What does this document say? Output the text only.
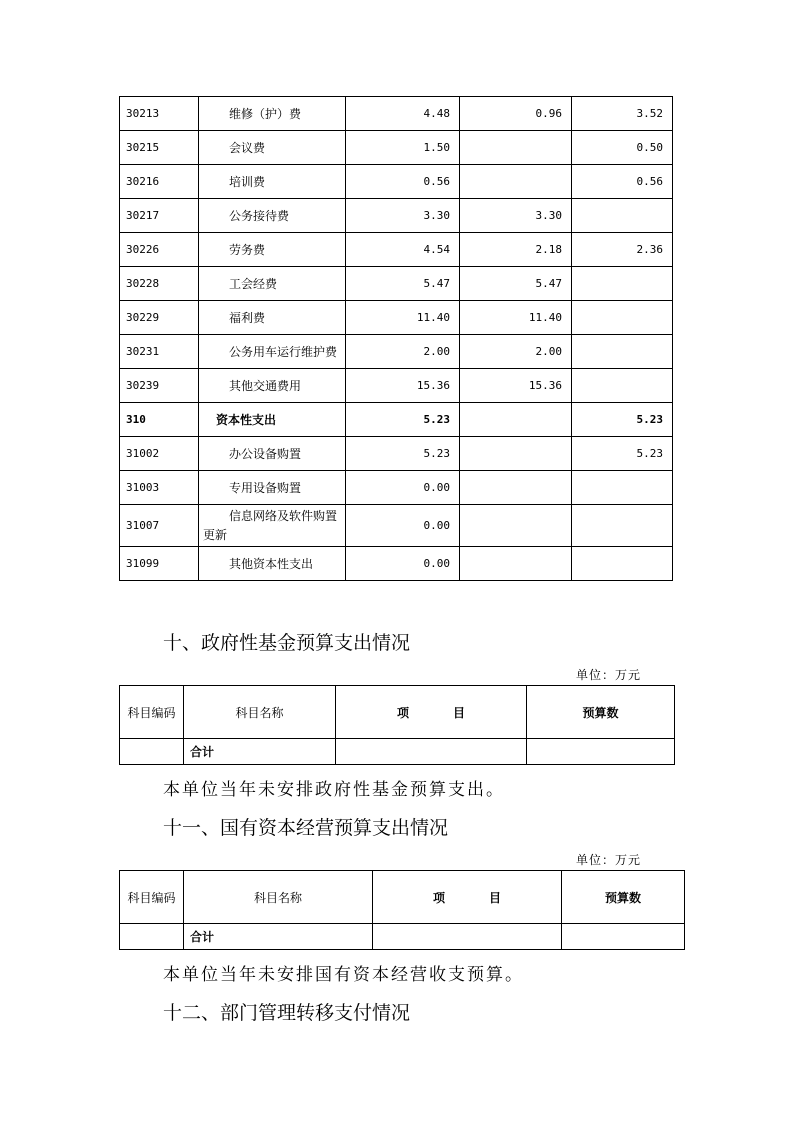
30213	维修（护）费	4.48	0.96	3.52
30215	会议费	1.50		0.50
30216	培训费	0.56		0.56
30217	公务接待费	3.30	3.30	
30226	劳务费	4.54	2.18	2.36
30228	工会经费	5.47	5.47	
30229	福利费	11.40	11.40	
30231	公务用车运行维护费	2.00	2.00	
30239	其他交通费用	15.36	15.36	
310	资本性支出	5.23		5.23
31002	办公设备购置	5.23		5.23
31003	专用设备购置	0.00		
31007	信息网络及软件购置更新	0.00		
31099	其他资本性支出	0.00		
十、政府性基金预算支出情况
单位：万元
科目编码	科目名称	项 目	预算数
	合计		
本单位当年未安排政府性基金预算支出。
十一、国有资本经营预算支出情况
单位：万元
科目编码	科目名称	项 目	预算数
	合计		
本单位当年未安排国有资本经营收支预算。
十二、部门管理转移支付情况
